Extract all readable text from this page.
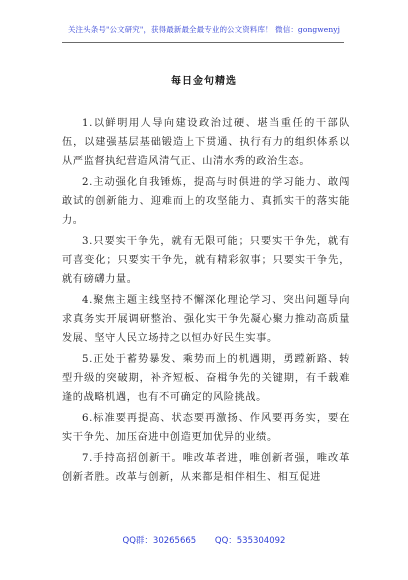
关注头条号"公文研究"，获得最新最全最专业的公文资料库！ 微信：gongwenyj
每日金句精选

1.以鲜明用人导向建设政治过硬、堪当重任的干部队伍，以建强基层基础锻造上下贯通、执行有力的组织体系以从严监督执纪营造风清气正、山清水秀的政治生态。

2.主动强化自我锤炼，提高与时俱进的学习能力、敢闯敢试的创新能力、迎难而上的攻坚能力、真抓实干的落实能力。

3.只要实干争先，就有无限可能；只要实干争先，就有可喜变化；只要实干争先，就有精彩叙事；只要实干争先，就有磅礴力量。

4.聚焦主题主线坚持不懈深化理论学习、突出问题导向求真务实开展调研整治、强化实干争先凝心聚力推动高质量发展、坚守人民立场持之以恒办好民生实事。

5.正处于蓄势暴发、乘势而上的机遇期，勇蹚新路、转型升级的突破期，补齐短板、奋楫争先的关键期，有千载难逢的战略机遇，也有不可确定的风险挑战。

6.标准要再提高、状态要再激扬、作风要再务实，要在实干争先、加压奋进中创造更加优异的业绩。

7.手持高招创新干。唯改革者进，唯创新者强，唯改革创新者胜。改革与创新，从来都是相伴相生、相互促进

QQ群：30265665 QQ：535304092
